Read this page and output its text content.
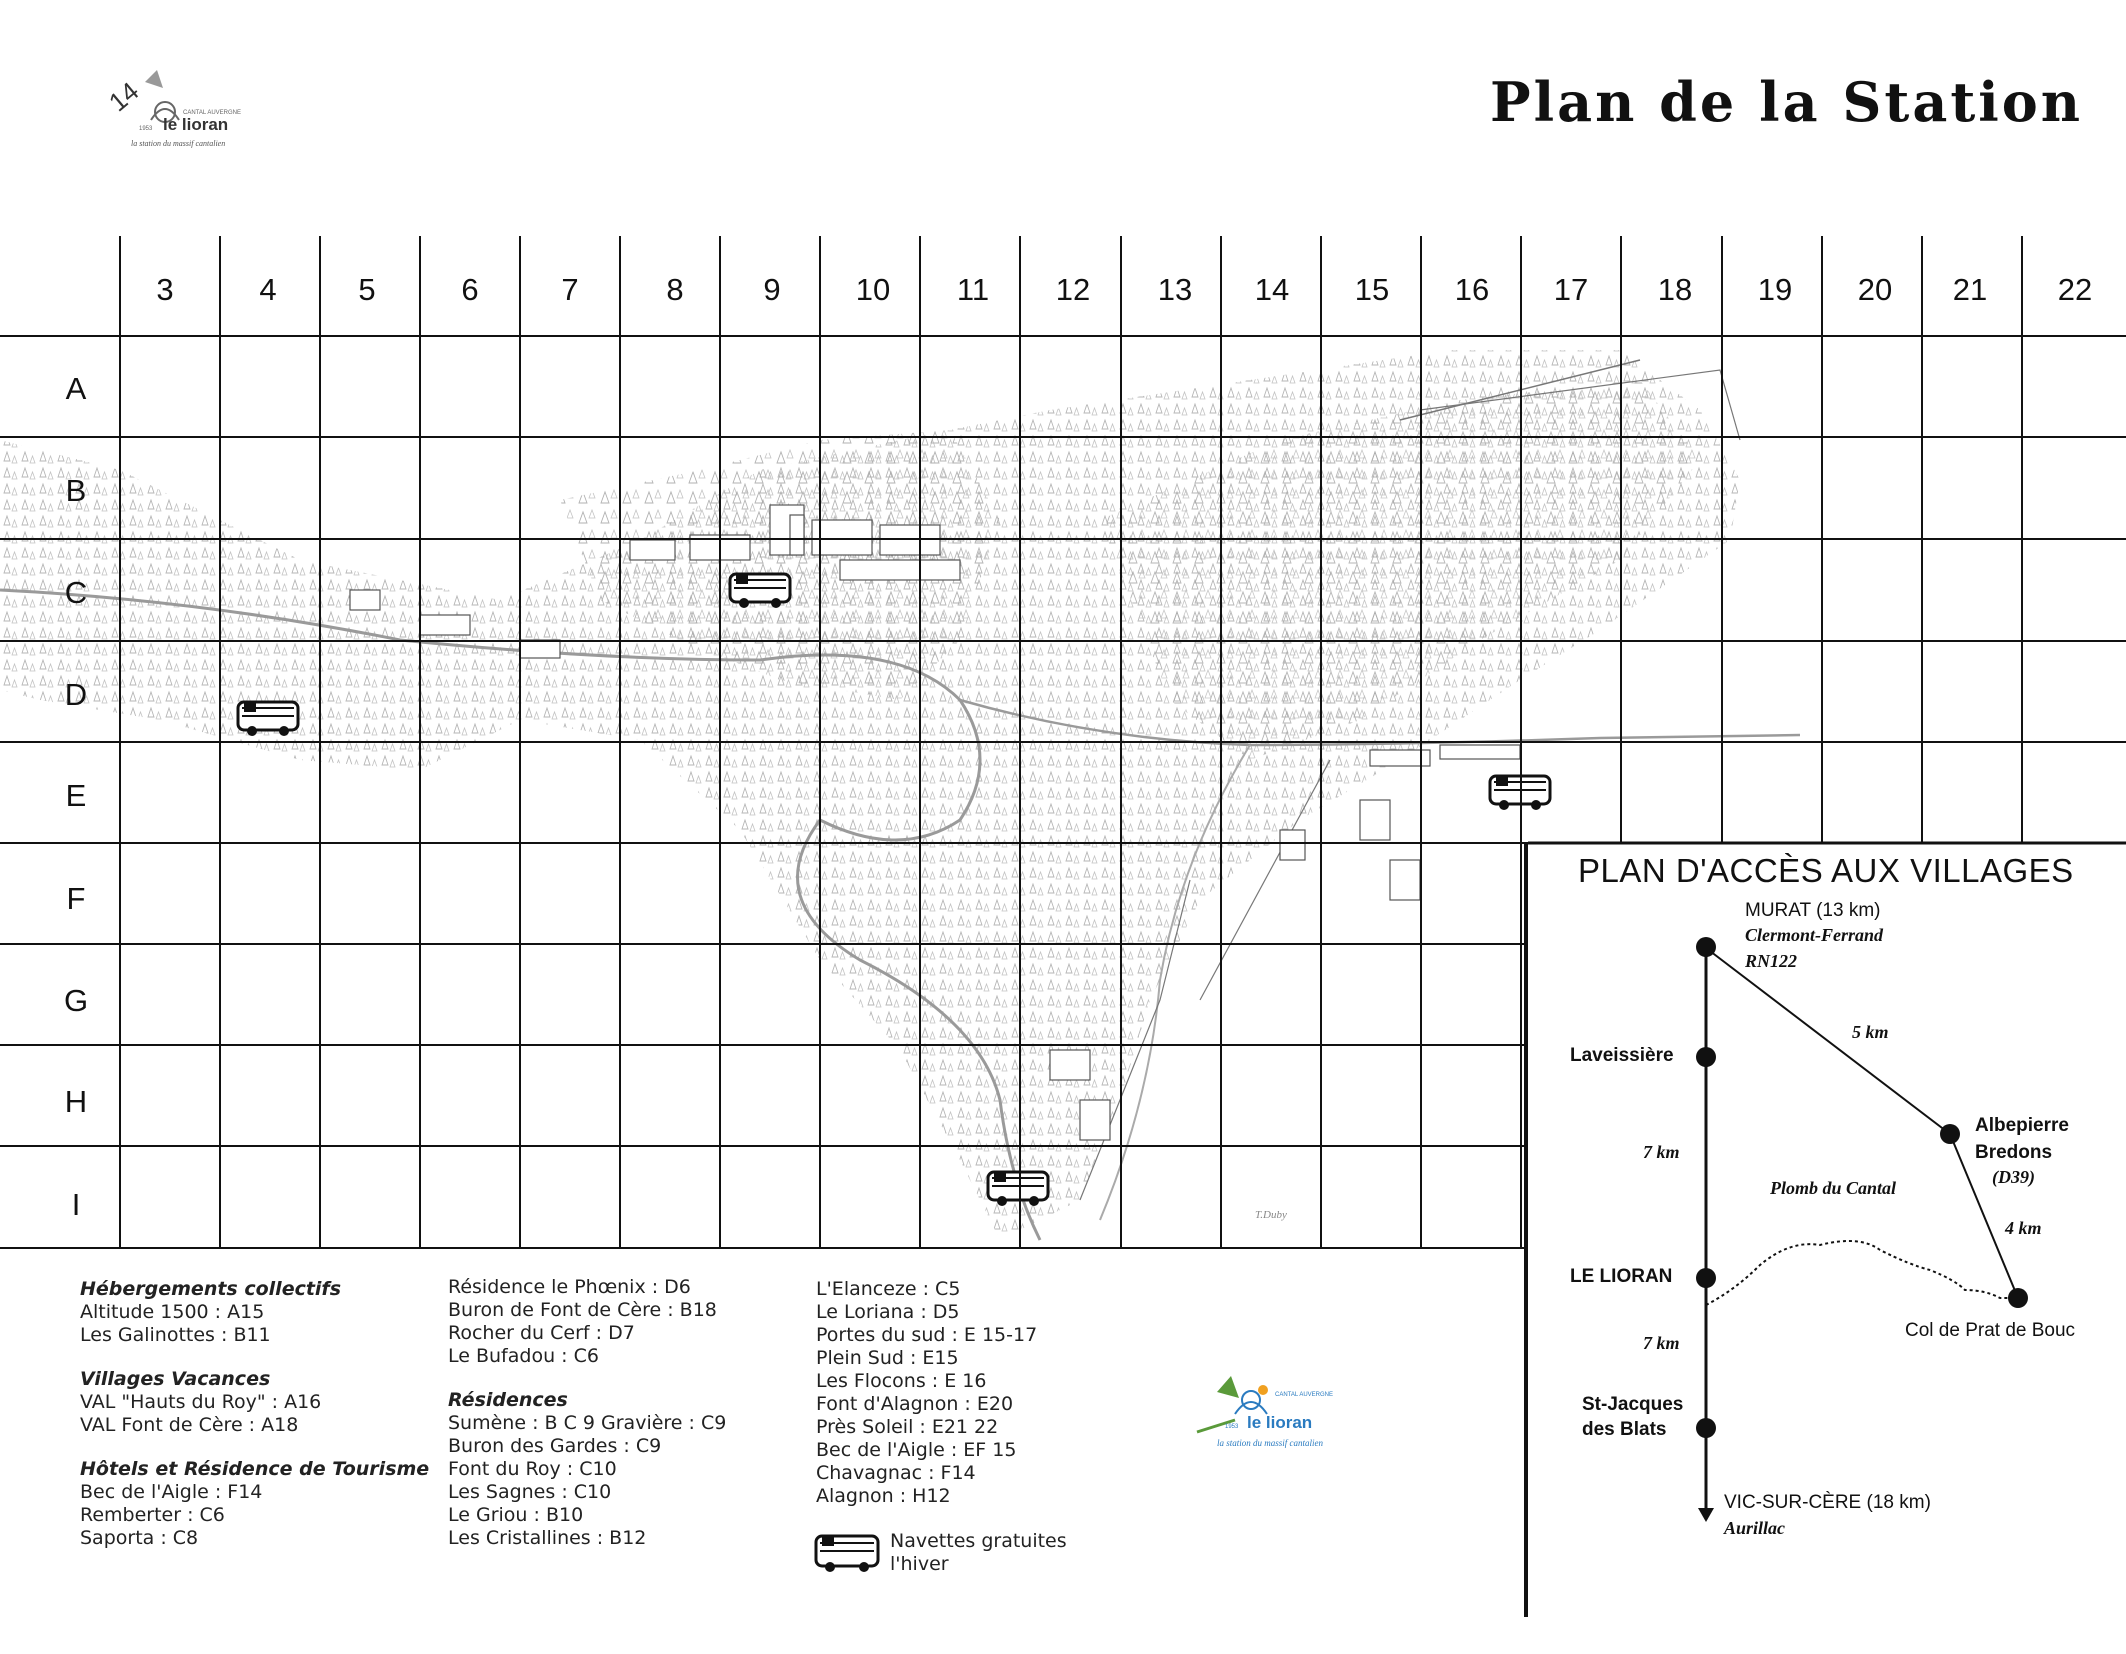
14	CANTAL AUVERGNE
1953 le lioran
la station du massif cantalien
Plan de la Station
T.Duby
3	4	5	6	7	8	9 10 11 12 13 14 15 16 17 18 19 20 21 22
A
B
C
D
E
F
G
H
I
CANTAL AUVERGNE
1953 le lioran
la station du massif cantalien
Hébergements collectifs
Altitude 1500 : A15
Les Galinottes : B11
Villages Vacances
VAL "Hauts du Roy" : A16
VAL Font de Cère : A18
Hôtels et Résidence de Tourisme
Bec de l'Aigle : F14
Remberter : C6
Saporta : C8
Résidence le Phœnix : D6
Buron de Font de Cère : B18
Rocher du Cerf : D7
Le Bufadou : C6
Résidences
Sumène : B C 9 Gravière : C9
Buron des Gardes : C9
Font du Roy : C10
Les Sagnes : C10
Le Griou : B10
Les Cristallines : B12
L'Elanceze : C5
Le Loriana : D5
Portes du sud : E 15-17
Plein Sud : E15
Les Flocons : E 16
Font d'Alagnon : E20
Près Soleil : E21 22
Bec de l'Aigle : EF 15
Chavagnac : F14
Alagnon : H12
Navettes gratuites
l'hiver
PLAN D'ACCÈS AUX VILLAGES
MURAT (13 km)
Clermont-Ferrand
RN122
Laveissière
5 km
Albepierre
Bredons
(D39)
7 km
Plomb du Cantal
4 km
LE LIORAN
Col de Prat de Bouc
7 km
St-Jacques
des Blats
VIC-SUR-CÈRE (18 km)
Aurillac
